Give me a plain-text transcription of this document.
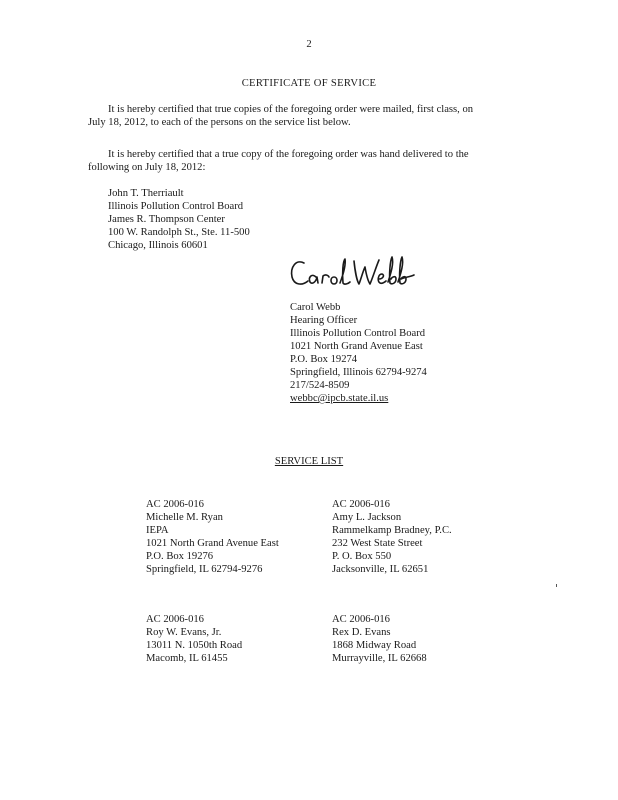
2
CERTIFICATE OF SERVICE
It is hereby certified that true copies of the foregoing order were mailed, first class, on
July 18, 2012, to each of the persons on the service list below.
It is hereby certified that a true copy of the foregoing order was hand delivered to the
following on July 18, 2012:
John T. Therriault
Illinois Pollution Control Board
James R. Thompson Center
100 W. Randolph St., Ste. 11-500
Chicago, Illinois 60601
Carol Webb
Hearing Officer
Illinois Pollution Control Board
1021 North Grand Avenue East
P.O. Box 19274
Springfield, Illinois 62794-9274
217/524-8509
webbc@ipcb.state.il.us
SERVICE LIST
AC 2006-016
Michelle M. Ryan
IEPA
1021 North Grand Avenue East
P.O. Box 19276
Springfield, IL 62794-9276
AC 2006-016
Amy L. Jackson
Rammelkamp Bradney, P.C.
232 West State Street
P. O. Box 550
Jacksonville, IL 62651
AC 2006-016
Roy W. Evans, Jr.
13011 N. 1050th Road
Macomb, IL 61455
AC 2006-016
Rex D. Evans
1868 Midway Road
Murrayville, IL 62668
